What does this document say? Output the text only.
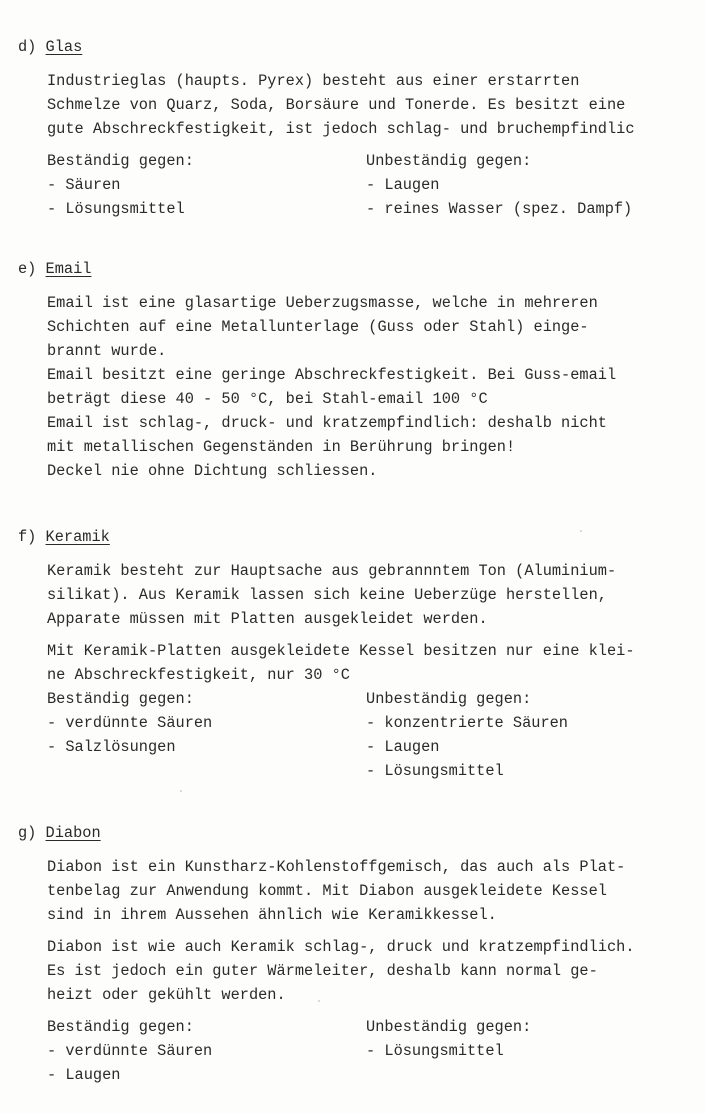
d) Glas
Industrieglas (haupts. Pyrex) besteht aus einer erstarrten
Schmelze von Quarz, Soda, Borsäure und Tonerde. Es besitzt eine
gute Abschreckfestigkeit, ist jedoch schlag- und bruchempfindlic
Beständig gegen:
- Säuren
- Lösungsmittel
Unbeständig gegen:
- Laugen
- reines Wasser (spez. Dampf)
e) Email
Email ist eine glasartige Ueberzugsmasse, welche in mehreren
Schichten auf eine Metallunterlage (Guss oder Stahl) einge-
brannt wurde.
Email besitzt eine geringe Abschreckfestigkeit. Bei Guss-email
beträgt diese 40 - 50 °C, bei Stahl-email 100 °C
Email ist schlag-, druck- und kratzempfindlich: deshalb nicht
mit metallischen Gegenständen in Berührung bringen!
Deckel nie ohne Dichtung schliessen.
f) Keramik
Keramik besteht zur Hauptsache aus gebrannntem Ton (Aluminium-
silikat). Aus Keramik lassen sich keine Ueberzüge herstellen,
Apparate müssen mit Platten ausgekleidet werden.
Mit Keramik-Platten ausgekleidete Kessel besitzen nur eine klei-
ne Abschreckfestigkeit, nur 30 °C
Beständig gegen:
- verdünnte Säuren
- Salzlösungen
Unbeständig gegen:
- konzentrierte Säuren
- Laugen
- Lösungsmittel
g) Diabon
Diabon ist ein Kunstharz-Kohlenstoffgemisch, das auch als Plat-
tenbelag zur Anwendung kommt. Mit Diabon ausgekleidete Kessel
sind in ihrem Aussehen ähnlich wie Keramikkessel.
Diabon ist wie auch Keramik schlag-, druck und kratzempfindlich.
Es ist jedoch ein guter Wärmeleiter, deshalb kann normal ge-
heizt oder gekühlt werden.
Beständig gegen:
- verdünnte Säuren
- Laugen
Unbeständig gegen:
- Lösungsmittel
